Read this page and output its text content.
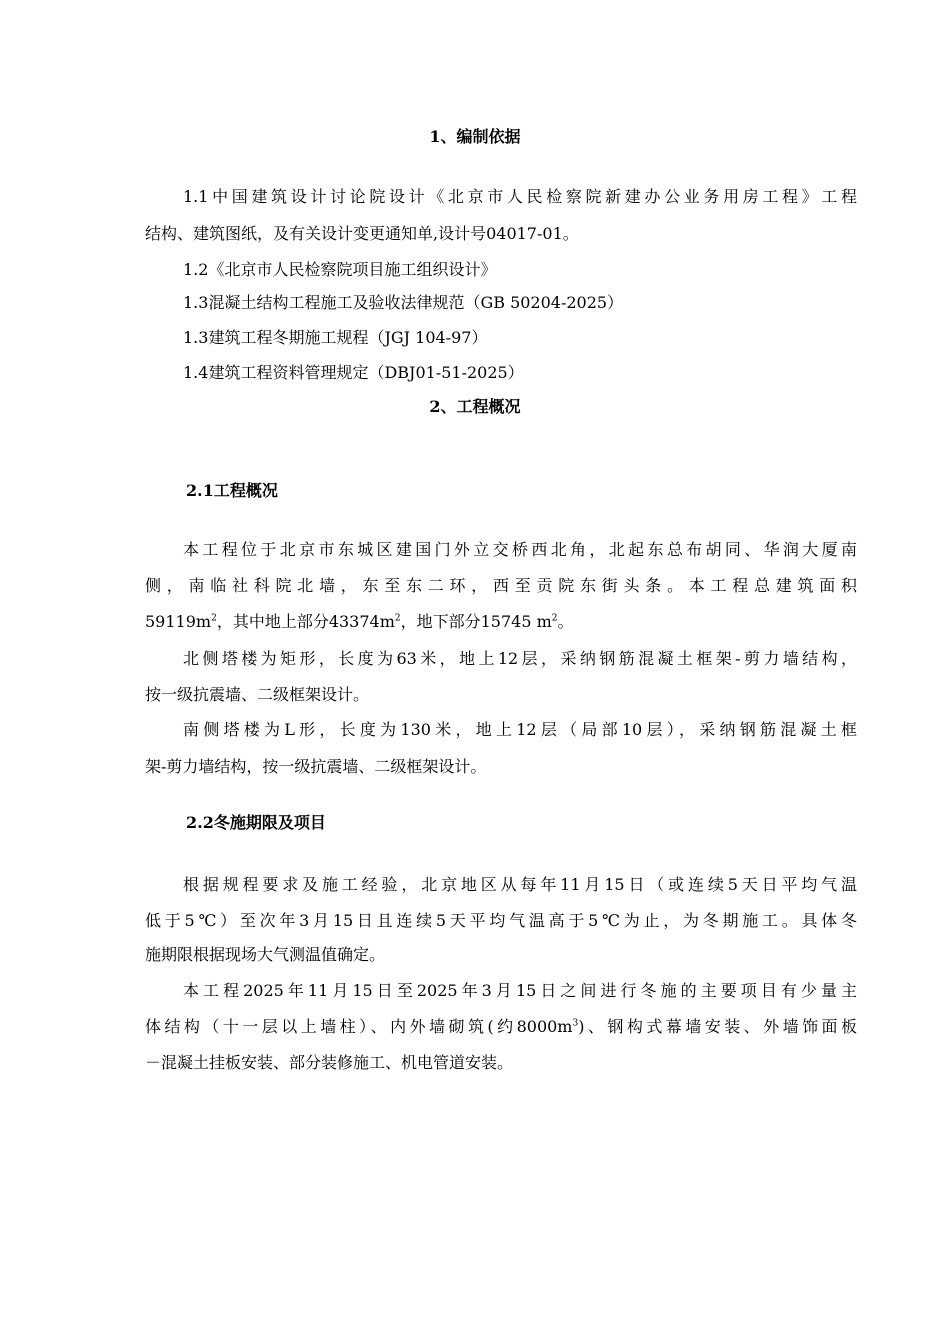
1、编制依据
1.1中国建筑设计讨论院设计《北京市人民检察院新建办公业务用房工程》工程
结构、建筑图纸，及有关设计变更通知单,设计号04017-01。
1.2《北京市人民检察院项目施工组织设计》
1.3混凝土结构工程施工及验收法律规范（GB 50204-2025）
1.3建筑工程冬期施工规程（JGJ 104-97）
1.4建筑工程资料管理规定（DBJ01-51-2025）
2、工程概况
2.1工程概况
本工程位于北京市东城区建国门外立交桥西北角，北起东总布胡同、华润大厦南
侧，南临社科院北墙，东至东二环，西至贡院东街头条。本工程总建筑面积
$59119m^2$，其中地上部分$43374m^2$，地下部分15745 $m^2$。
北侧塔楼为矩形，长度为63米，地上12层，采纳钢筋混凝土框架-剪力墙结构，
按一级抗震墙、二级框架设计。
南侧塔楼为L形，长度为130米，地上12层（局部10层），采纳钢筋混凝土框
架-剪力墙结构，按一级抗震墙、二级框架设计。
2.2冬施期限及项目
根据规程要求及施工经验，北京地区从每年11月15日（或连续5天日平均气温
低于5℃）至次年3月15日且连续5天平均气温高于5℃为止，为冬期施工。具体冬
施期限根据现场大气测温值确定。
本工程2025年11月15日至2025年3月15日之间进行冬施的主要项目有少量主
体结构（十一层以上墙柱）、内外墙砌筑(约$8000m^3$)、钢构式幕墙安装、外墙饰面板
－混凝土挂板安装、部分装修施工、机电管道安装。
